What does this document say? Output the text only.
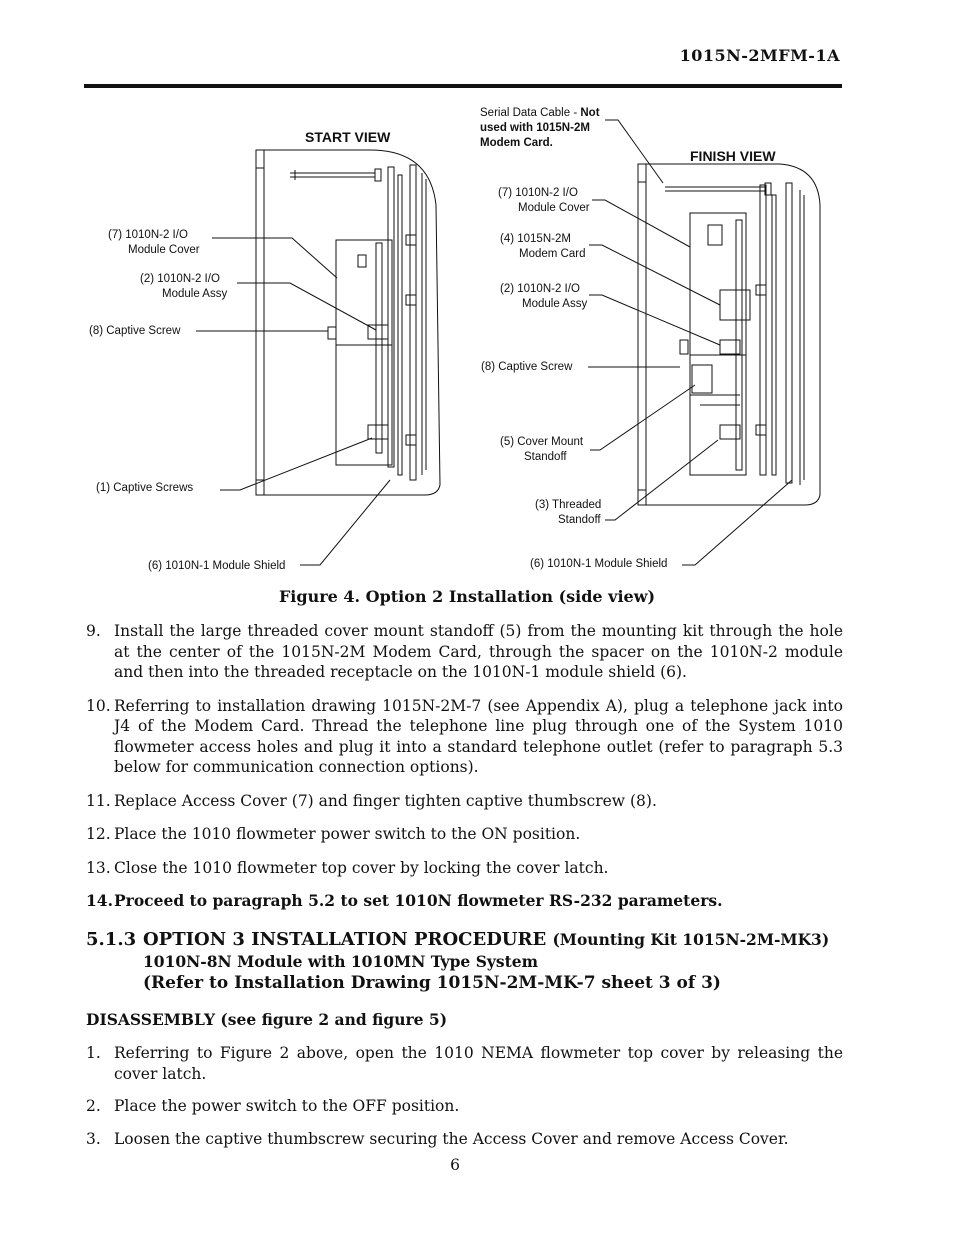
1015N-2MFM-1A
START VIEW
FINISH VIEW
(7) 1010N-2 I/O
Module Cover
(2) 1010N-2 I/O
Module Assy
(8) Captive Screw
(1) Captive Screws
(6) 1010N-1 Module Shield
Serial Data Cable - Not
used with 1015N-2M
Modem Card.
(7) 1010N-2 I/O
Module Cover
(4) 1015N-2M
Modem Card
(2) 1010N-2 I/O
Module Assy
(8) Captive Screw
(5) Cover Mount
Standoff
(3) Threaded
Standoff
(6) 1010N-1 Module Shield
Figure 4. Option 2 Installation (side view)
9. Install the large threaded cover mount standoff (5) from the mounting kit through the hole at the center of the 1015N-2M Modem Card, through the spacer on the 1010N-2 module and then into the threaded receptacle on the 1010N-1 module shield (6).
10. Referring to installation drawing 1015N-2M-7 (see Appendix A), plug a telephone jack into J4 of the Modem Card. Thread the telephone line plug through one of the System 1010 flowmeter access holes and plug it into a standard telephone outlet (refer to paragraph 5.3 below for communication connection options).
11. Replace Access Cover (7) and finger tighten captive thumbscrew (8).
12. Place the 1010 flowmeter power switch to the ON position.
13. Close the 1010 flowmeter top cover by locking the cover latch.
14. Proceed to paragraph 5.2 to set 1010N flowmeter RS-232 parameters.
5.1.3 OPTION 3 INSTALLATION PROCEDURE (Mounting Kit 1015N-2M-MK3)
1010N-8N Module with 1010MN Type System
(Refer to Installation Drawing 1015N-2M-MK-7 sheet 3 of 3)
DISASSEMBLY (see figure 2 and figure 5)
1. Referring to Figure 2 above, open the 1010 NEMA flowmeter top cover by releasing the cover latch.
2. Place the power switch to the OFF position.
3. Loosen the captive thumbscrew securing the Access Cover and remove Access Cover.
6
